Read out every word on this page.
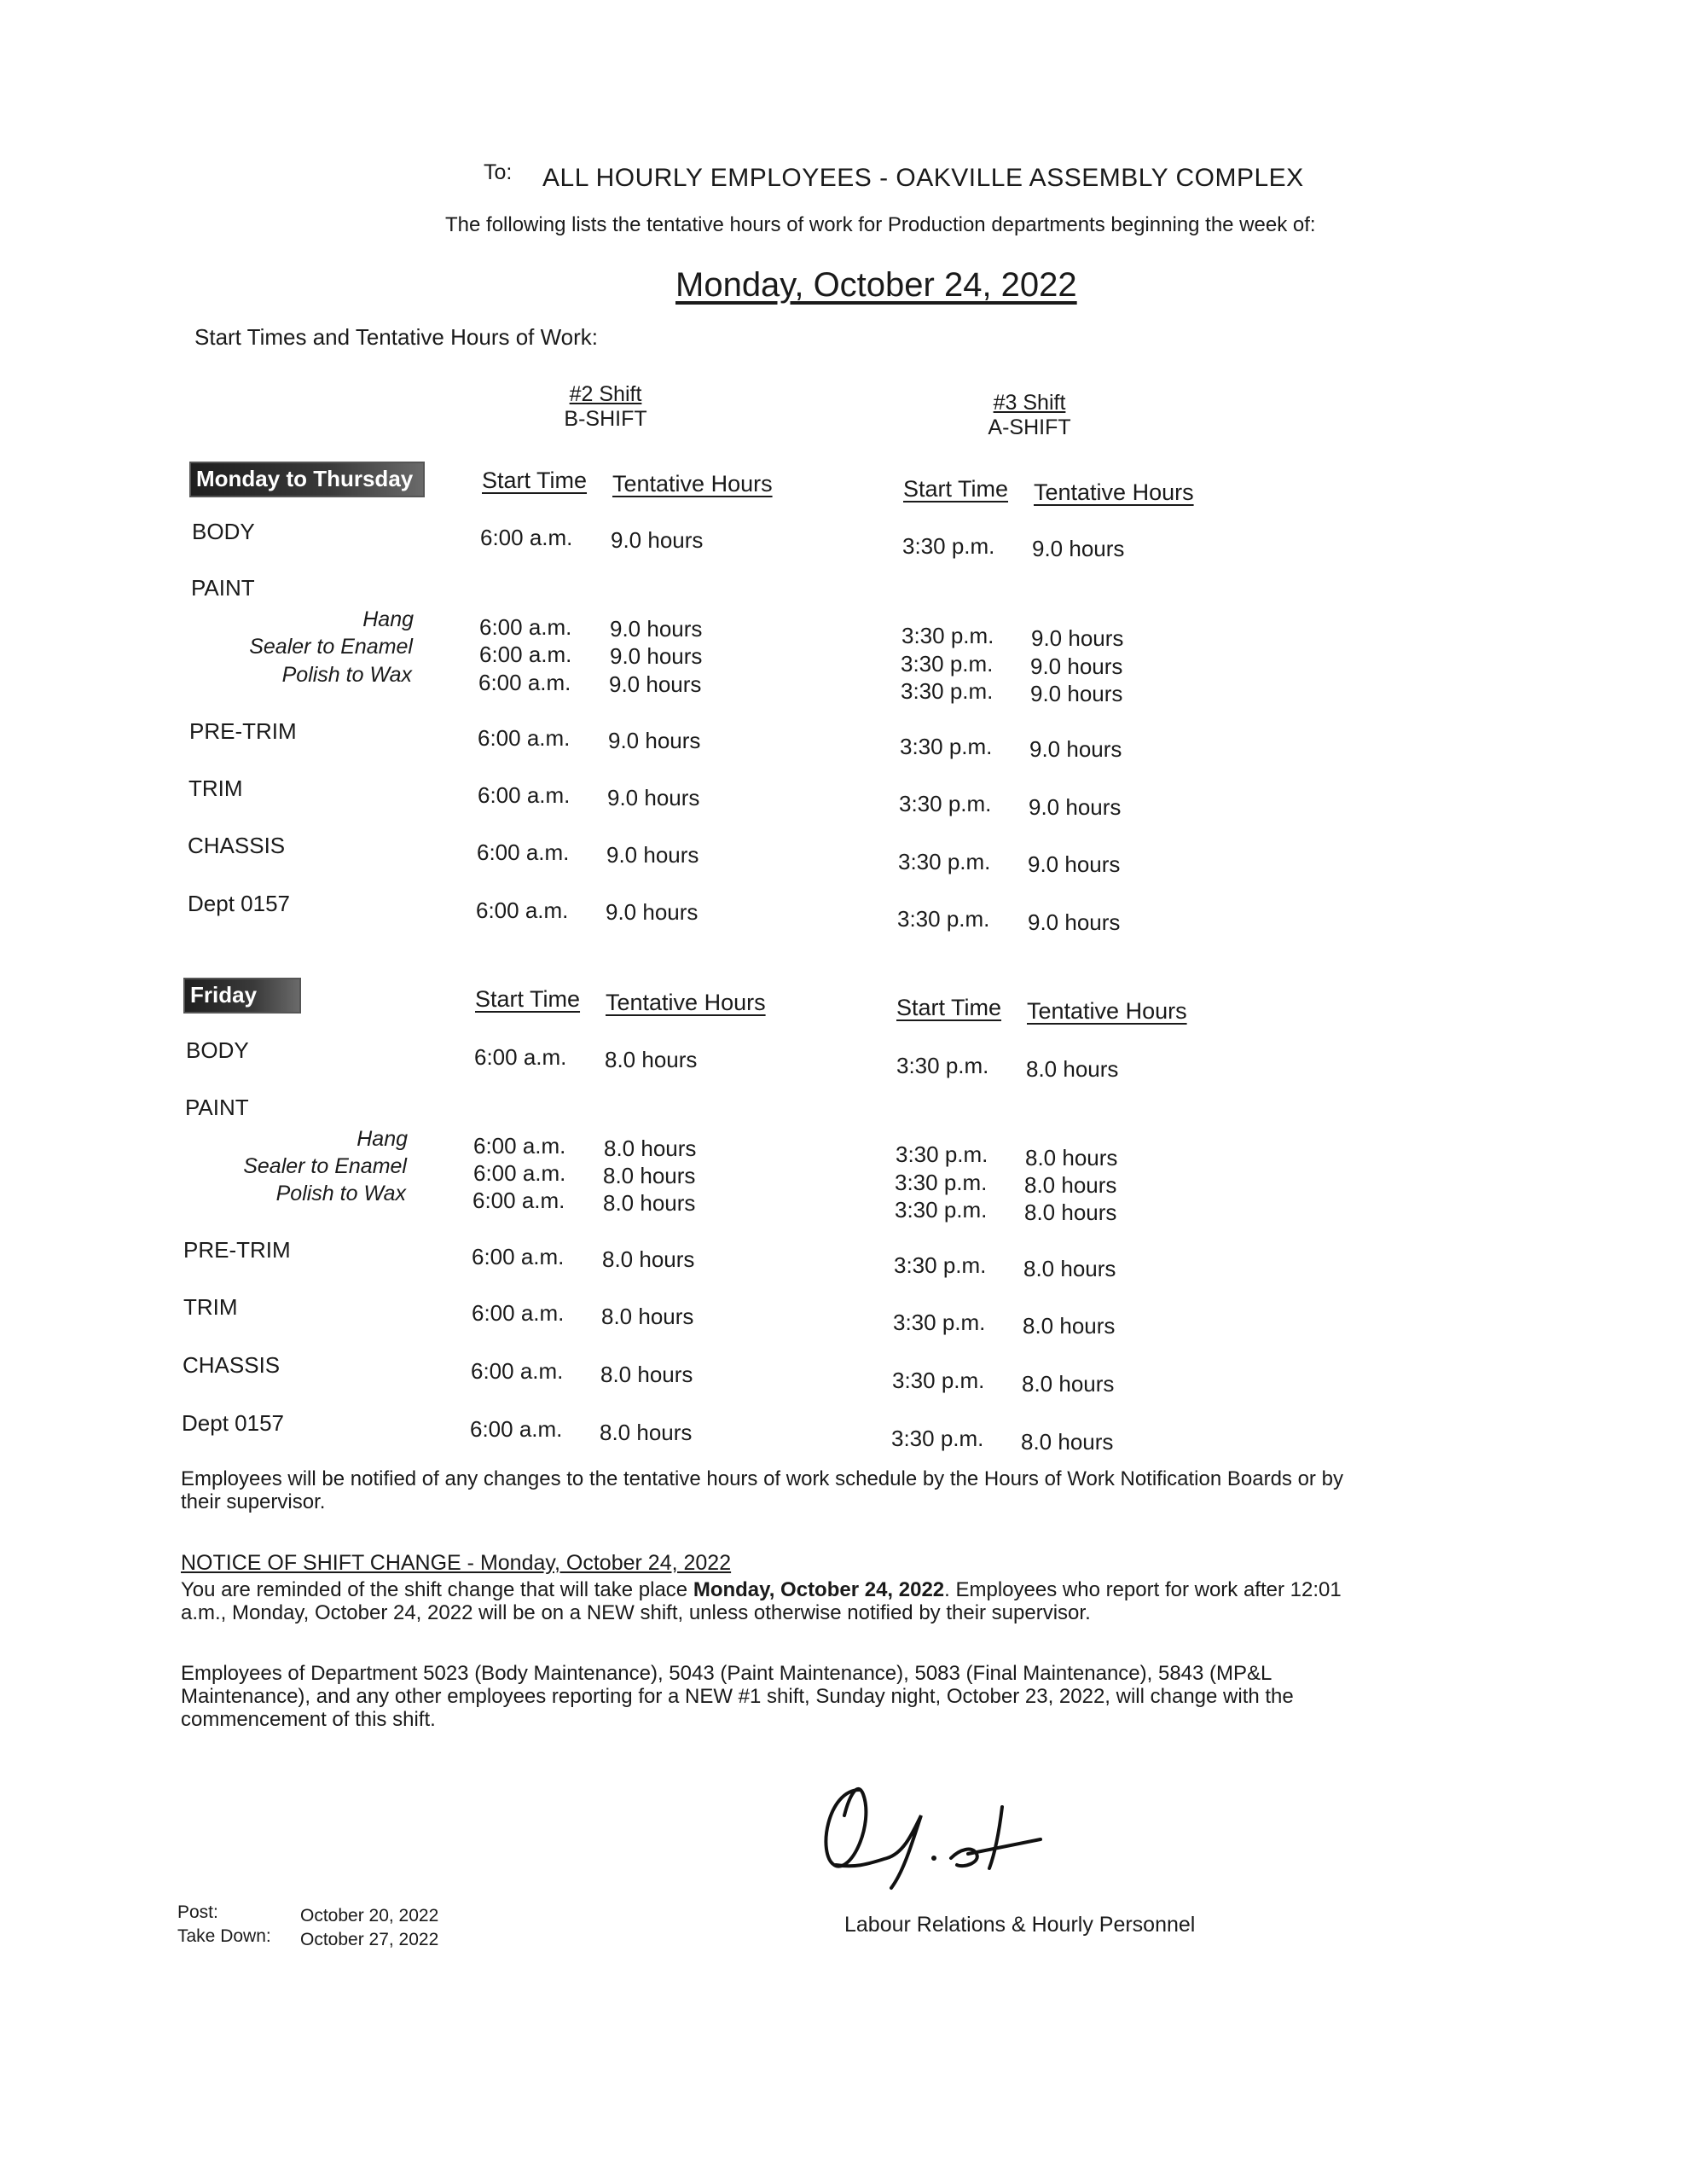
To: ALL HOURLY EMPLOYEES - OAKVILLE ASSEMBLY COMPLEX
The following lists the tentative hours of work for Production departments beginning the week of:
Monday, October 24, 2022
Start Times and Tentative Hours of Work:
#2 Shift
B-SHIFT
#3 Shift
A-SHIFT
Monday to Thursday	Start Time Tentative Hours	Start Time Tentative Hours
BODY	6:00 a.m. 9.0 hours	3:30 p.m. 9.0 hours
PAINT
Hang	6:00 a.m. 9.0 hours	3:30 p.m. 9.0 hours
Sealer to Enamel	6:00 a.m. 9.0 hours	3:30 p.m. 9.0 hours
Polish to Wax	6:00 a.m. 9.0 hours	3:30 p.m. 9.0 hours
PRE-TRIM	6:00 a.m. 9.0 hours	3:30 p.m. 9.0 hours
TRIM	6:00 a.m. 9.0 hours	3:30 p.m. 9.0 hours
CHASSIS	6:00 a.m. 9.0 hours	3:30 p.m. 9.0 hours
Dept 0157	6:00 a.m. 9.0 hours	3:30 p.m. 9.0 hours
Friday	Start Time Tentative Hours	Start Time Tentative Hours
BODY	6:00 a.m. 8.0 hours	3:30 p.m. 8.0 hours
PAINT
Hang	6:00 a.m. 8.0 hours	3:30 p.m. 8.0 hours
Sealer to Enamel	6:00 a.m. 8.0 hours	3:30 p.m. 8.0 hours
Polish to Wax	6:00 a.m. 8.0 hours	3:30 p.m. 8.0 hours
PRE-TRIM	6:00 a.m. 8.0 hours	3:30 p.m. 8.0 hours
TRIM	6:00 a.m. 8.0 hours	3:30 p.m. 8.0 hours
CHASSIS	6:00 a.m. 8.0 hours	3:30 p.m. 8.0 hours
Dept 0157	6:00 a.m. 8.0 hours	3:30 p.m. 8.0 hours
Employees will be notified of any changes to the tentative hours of work schedule by the Hours of Work Notification Boards or by their supervisor.
NOTICE OF SHIFT CHANGE - Monday, October 24, 2022
You are reminded of the shift change that will take place Monday, October 24, 2022. Employees who report for work after 12:01 a.m., Monday, October 24, 2022 will be on a NEW shift, unless otherwise notified by their supervisor.
Employees of Department 5023 (Body Maintenance), 5043 (Paint Maintenance), 5083 (Final Maintenance), 5843 (MP&L Maintenance), and any other employees reporting for a NEW #1 shift, Sunday night, October 23, 2022, will change with the commencement of this shift.
Labour Relations & Hourly Personnel
Post:	October 20, 2022
Take Down: October 27, 2022
